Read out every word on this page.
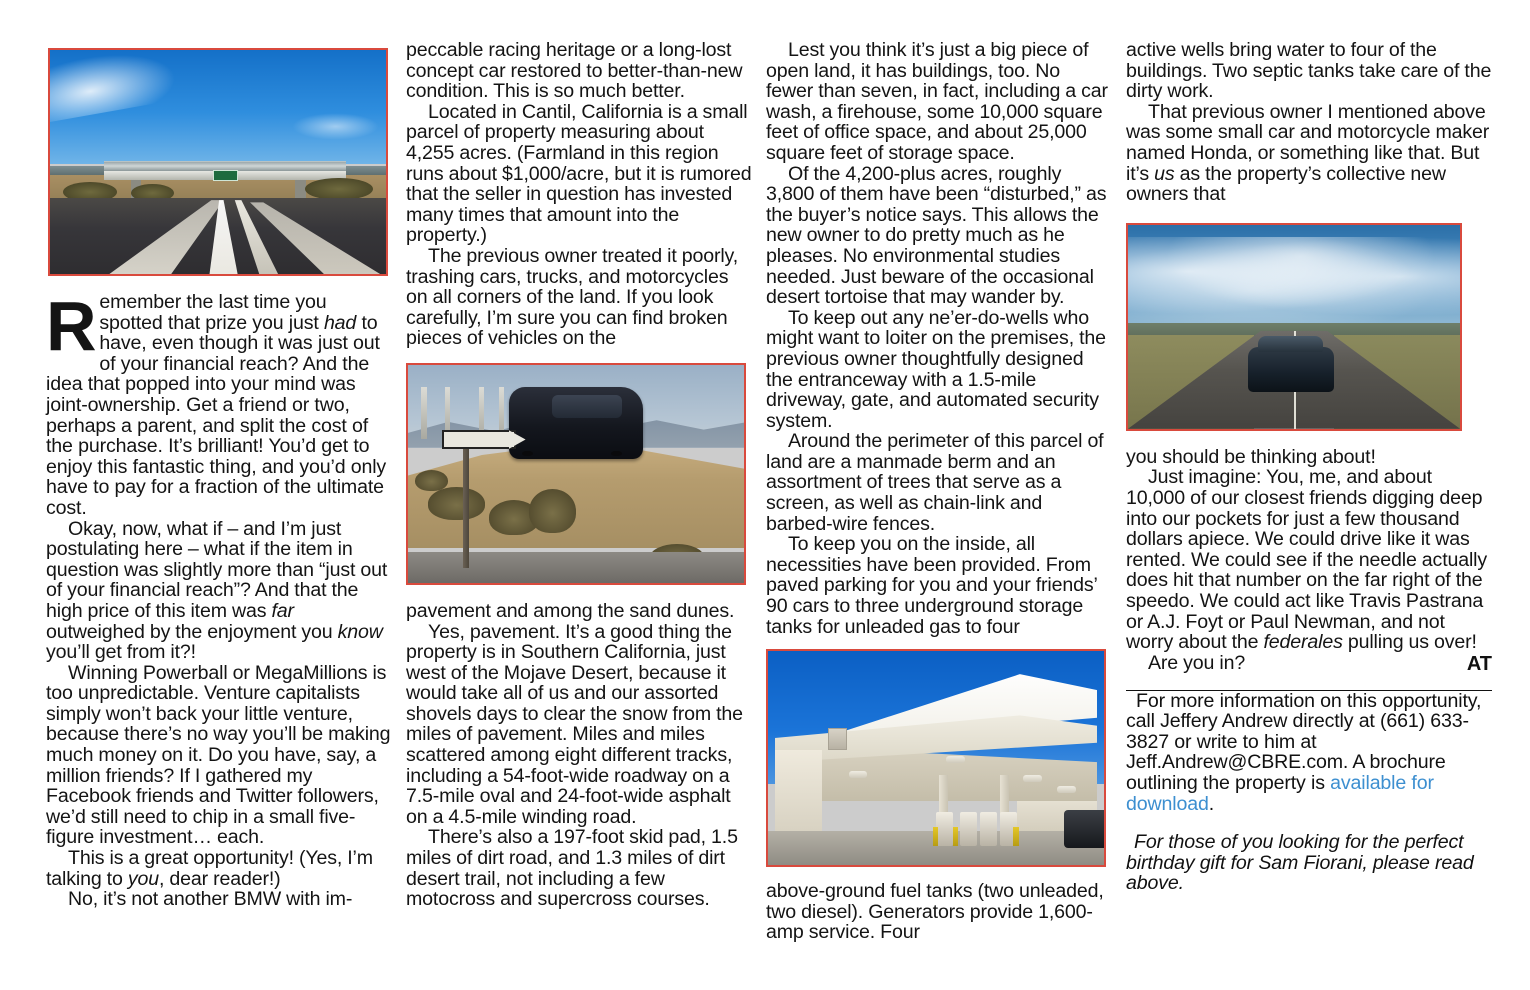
Remember the last time you spotted that prize you just had to have, even though it was just out of your financial reach? And the idea that popped into your mind was joint-ownership. Get a friend or two, perhaps a parent, and split the cost of the purchase. It’s brilliant! You’d get to enjoy this fantastic thing, and you’d only have to pay for a fraction of the ultimate cost.

Okay, now, what if – and I’m just postulating here – what if the item in question was slightly more than “just out of your financial reach”? And that the high price of this item was far outweighed by the enjoyment you know you’ll get from it?!

Winning Powerball or MegaMillions is too unpredictable. Venture capitalists simply won’t back your little venture, because there’s no way you’ll be making much money on it. Do you have, say, a million friends? If I gathered my Facebook friends and Twitter followers, we’d still need to chip in a small five-figure investment… each.

This is a great opportunity! (Yes, I’m talking to you, dear reader!)

No, it’s not another BMW with im-

peccable racing heritage or a long-lost concept car restored to better-than-new condition. This is so much better.

Located in Cantil, California is a small parcel of property measuring about 4,255 acres. (Farmland in this region runs about $1,000/acre, but it is rumored that the seller in question has invested many times that amount into the property.)

The previous owner treated it poorly, trashing cars, trucks, and motorcycles on all corners of the land. If you look carefully, I’m sure you can find broken pieces of vehicles on the

pavement and among the sand dunes.

Yes, pavement. It’s a good thing the property is in Southern California, just west of the Mojave Desert, because it would take all of us and our assorted shovels days to clear the snow from the miles of pavement. Miles and miles scattered among eight different tracks, including a 54-foot-wide roadway on a 7.5-mile oval and 24-foot-wide asphalt on a 4.5-mile winding road.

There’s also a 197-foot skid pad, 1.5 miles of dirt road, and 1.3 miles of dirt desert trail, not including a few motocross and supercross courses.

Lest you think it’s just a big piece of open land, it has buildings, too. No fewer than seven, in fact, including a car wash, a firehouse, some 10,000 square feet of office space, and about 25,000 square feet of storage space.

Of the 4,200-plus acres, roughly 3,800 of them have been “disturbed,” as the buyer’s notice says. This allows the new owner to do pretty much as he pleases. No environmental studies needed. Just beware of the occasional desert tortoise that may wander by.

To keep out any ne’er-do-wells who might want to loiter on the premises, the previous owner thoughtfully designed the entranceway with a 1.5-mile driveway, gate, and automated security system.

Around the perimeter of this parcel of land are a manmade berm and an assortment of trees that serve as a screen, as well as chain-link and barbed-wire fences.

To keep you on the inside, all necessities have been provided. From paved parking for you and your friends’ 90 cars to three underground storage tanks for unleaded gas to four

above-ground fuel tanks (two unleaded, two diesel). Generators provide 1,600-amp service. Four

active wells bring water to four of the buildings. Two septic tanks take care of the dirty work.

That previous owner I mentioned above was some small car and motorcycle maker named Honda, or something like that. But it’s us as the property’s collective new owners that

you should be thinking about!

Just imagine: You, me, and about 10,000 of our closest friends digging deep into our pockets for just a few thousand dollars apiece. We could drive like it was rented. We could see if the needle actually does hit that number on the far right of the speedo. We could act like Travis Pastrana or A.J. Foyt or Paul Newman, and not worry about the federales pulling us over!

Are you in?	AT

For more information on this opportunity, call Jeffery Andrew directly at (661) 633-3827 or write to him at Jeff.Andrew@CBRE.com. A brochure outlining the property is available for download.

For those of you looking for the perfect birthday gift for Sam Fiorani, please read above.
